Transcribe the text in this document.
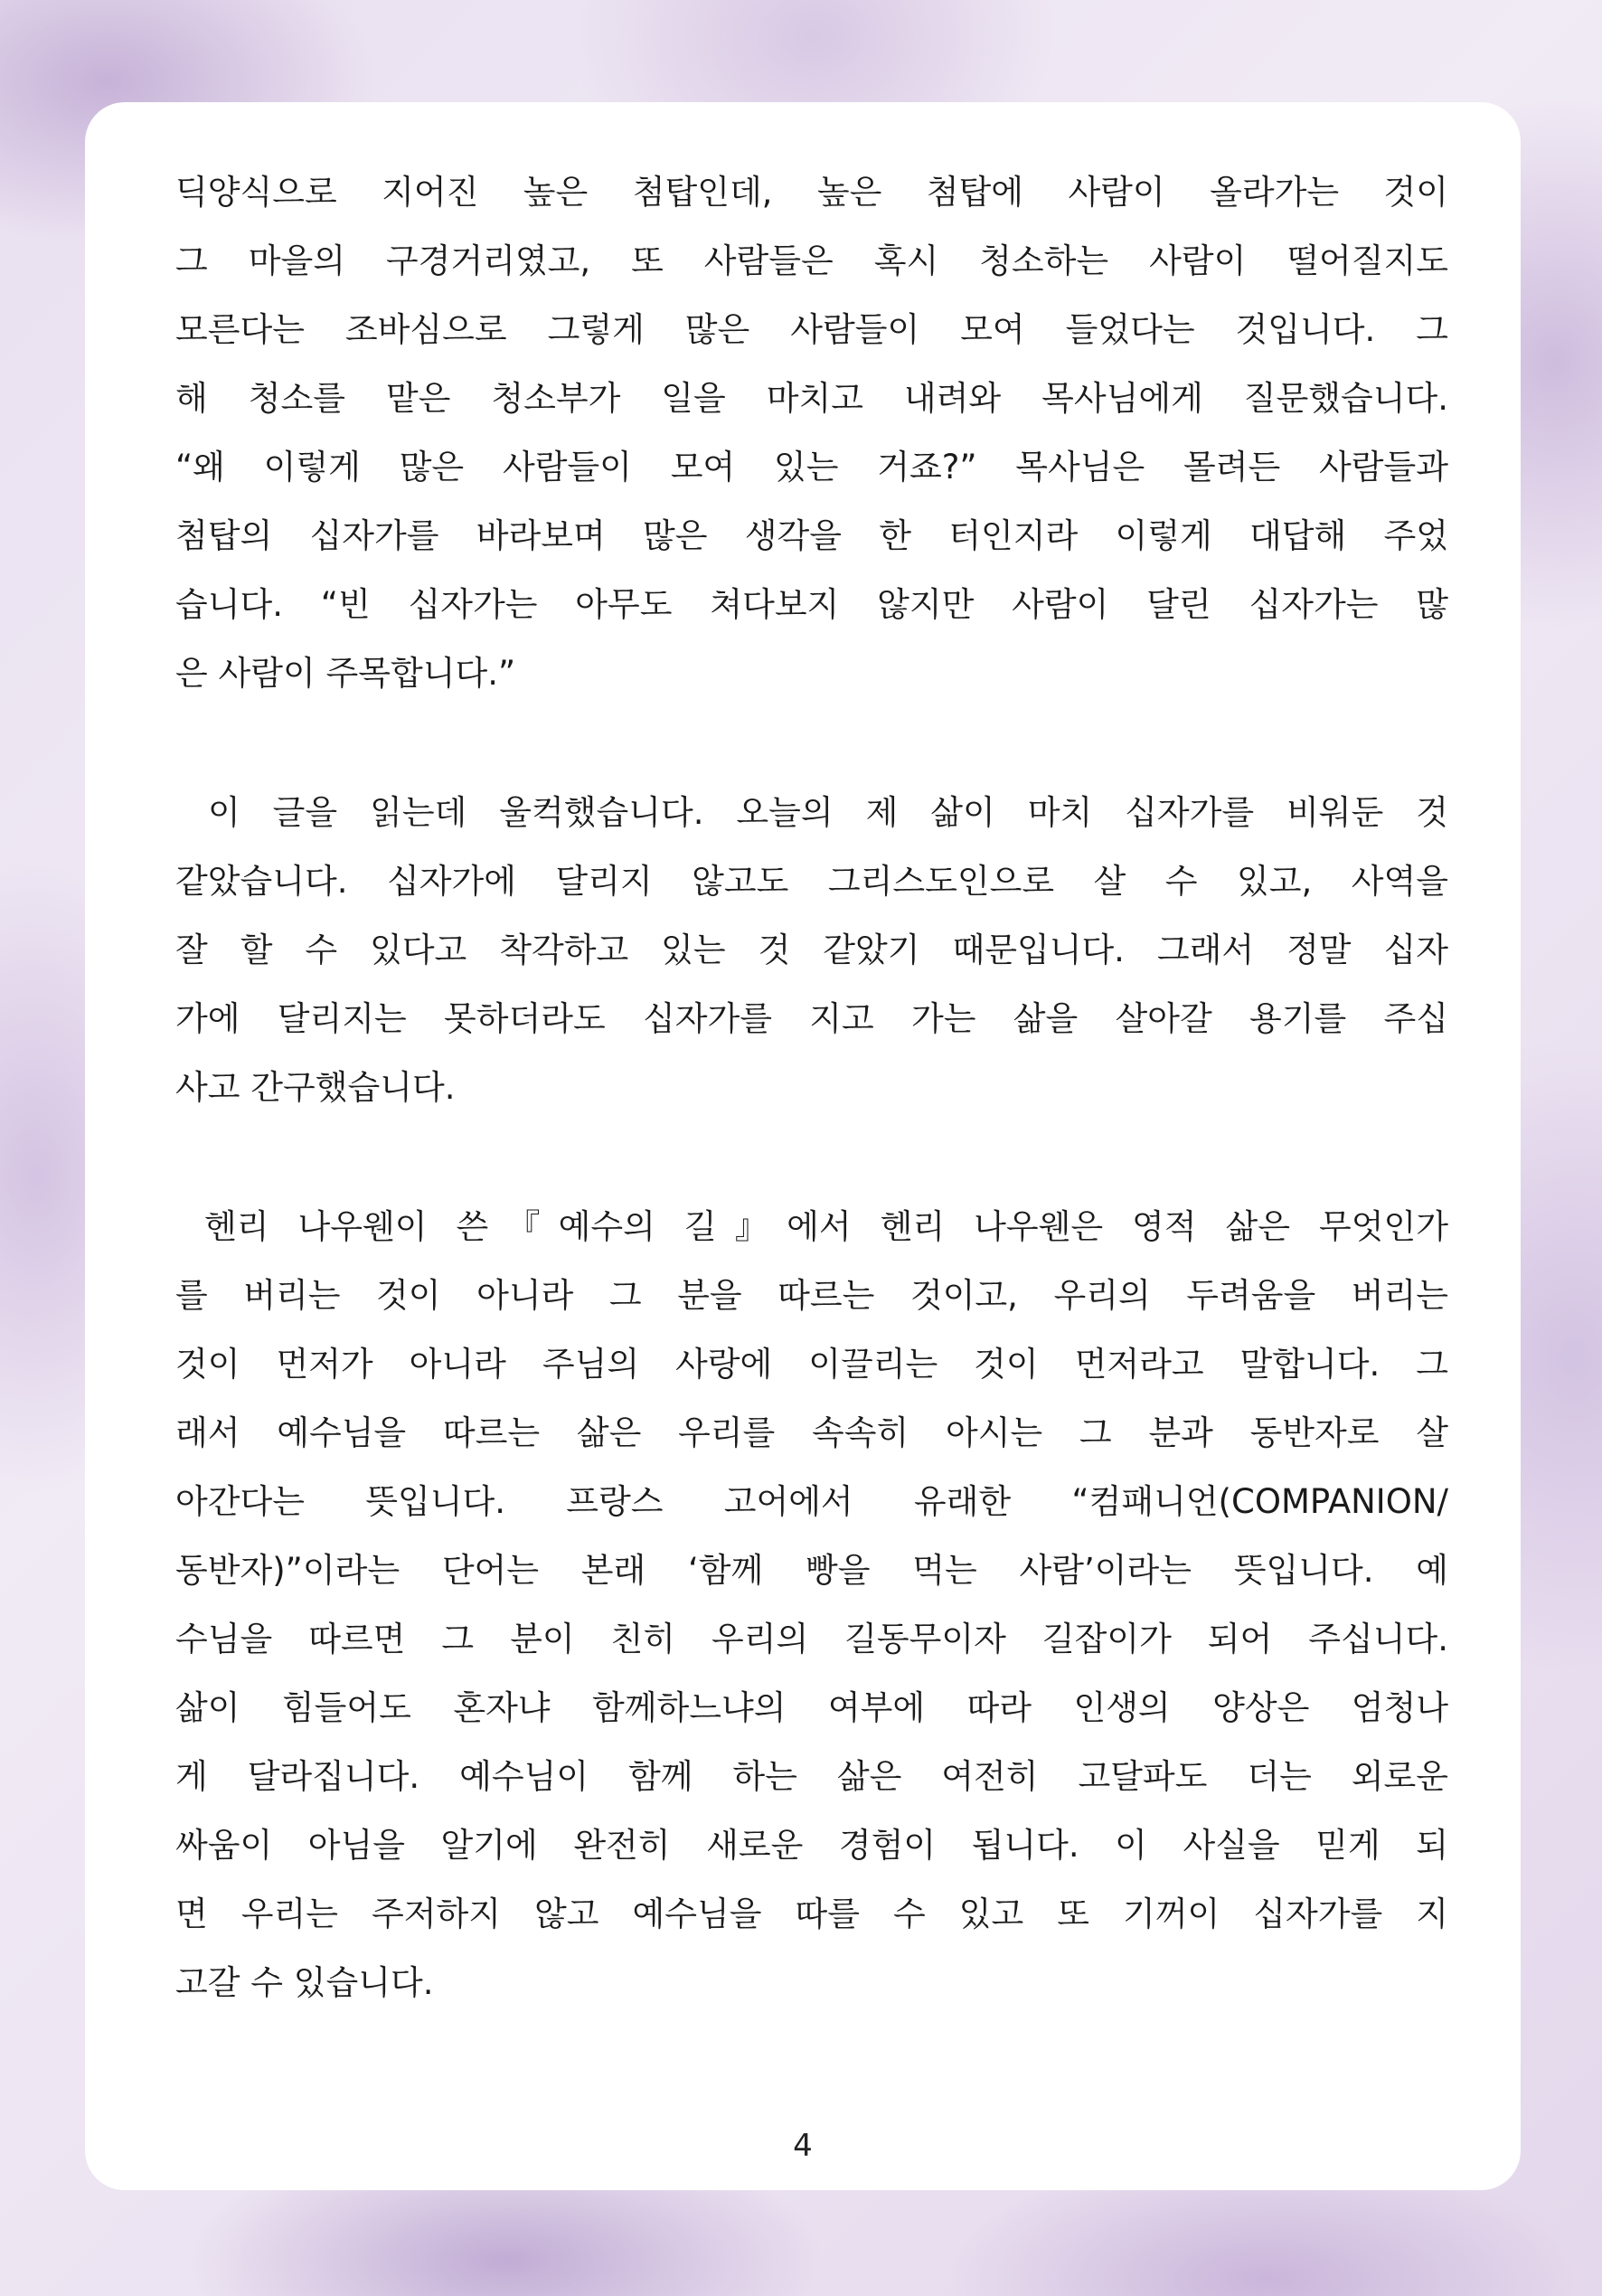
딕양식으로 지어진 높은 첨탑인데, 높은 첨탑에 사람이 올라가는 것이
그 마을의 구경거리였고, 또 사람들은 혹시 청소하는 사람이 떨어질지도
모른다는 조바심으로 그렇게 많은 사람들이 모여 들었다는 것입니다. 그
해 청소를 맡은 청소부가 일을 마치고 내려와 목사님에게 질문했습니다.
“왜 이렇게 많은 사람들이 모여 있는 거죠?” 목사님은 몰려든 사람들과
첨탑의 십자가를 바라보며 많은 생각을 한 터인지라 이렇게 대답해 주었
습니다. “빈 십자가는 아무도 쳐다보지 않지만 사람이 달린 십자가는 많
은 사람이 주목합니다.”
이 글을 읽는데 울컥했습니다. 오늘의 제 삶이 마치 십자가를 비워둔 것
같았습니다. 십자가에 달리지 않고도 그리스도인으로 살 수 있고, 사역을
잘 할 수 있다고 착각하고 있는 것 같았기 때문입니다. 그래서 정말 십자
가에 달리지는 못하더라도 십자가를 지고 가는 삶을 살아갈 용기를 주십
사고 간구했습니다.
헨리 나우웬이 쓴『예수의 길』에서 헨리 나우웬은 영적 삶은 무엇인가
를 버리는 것이 아니라 그 분을 따르는 것이고, 우리의 두려움을 버리는
것이 먼저가 아니라 주님의 사랑에 이끌리는 것이 먼저라고 말합니다. 그
래서 예수님을 따르는 삶은 우리를 속속히 아시는 그 분과 동반자로 살
아간다는 뜻입니다. 프랑스 고어에서 유래한 “컴패니언(COMPANION/
동반자)”이라는 단어는 본래 ‘함께 빵을 먹는 사람’이라는 뜻입니다. 예
수님을 따르면 그 분이 친히 우리의 길동무이자 길잡이가 되어 주십니다.
삶이 힘들어도 혼자냐 함께하느냐의 여부에 따라 인생의 양상은 엄청나
게 달라집니다. 예수님이 함께 하는 삶은 여전히 고달파도 더는 외로운
싸움이 아님을 알기에 완전히 새로운 경험이 됩니다. 이 사실을 믿게 되
면 우리는 주저하지 않고 예수님을 따를 수 있고 또 기꺼이 십자가를 지
고갈 수 있습니다.
4
